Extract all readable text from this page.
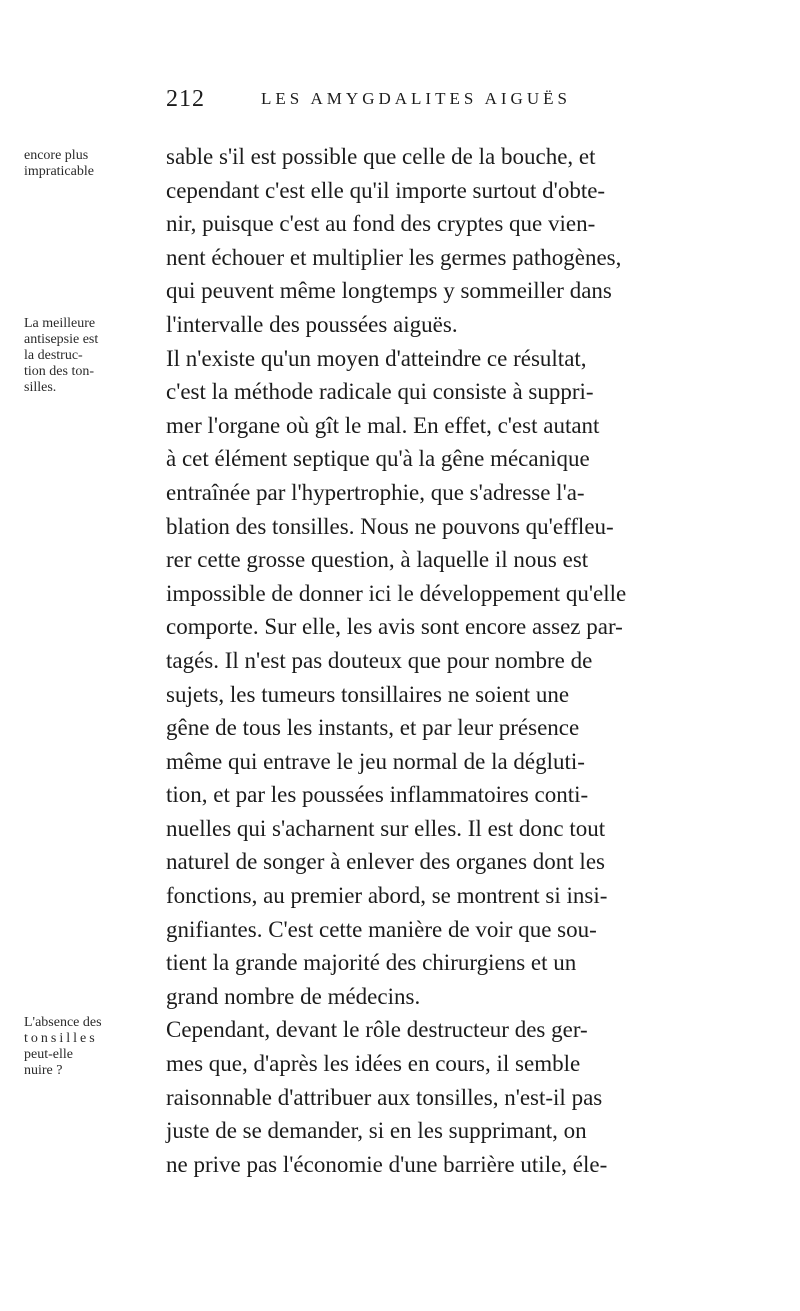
212	LES AMYGDALITES AIGUËS
encore plus
impraticable
La meilleure
antisepsie est
la destruc-
tion des ton-
silles.
L'absence des
tonsilles
peut-elle
nuire ?
sable s'il est possible que celle de la bouche, et
cependant c'est elle qu'il importe surtout d'obte-
nir, puisque c'est au fond des cryptes que vien-
nent échouer et multiplier les germes pathogènes,
qui peuvent même longtemps y sommeiller dans
l'intervalle des poussées aiguës.
Il n'existe qu'un moyen d'atteindre ce résultat,
c'est la méthode radicale qui consiste à suppri-
mer l'organe où gît le mal. En effet, c'est autant
à cet élément septique qu'à la gêne mécanique
entraînée par l'hypertrophie, que s'adresse l'a-
blation des tonsilles. Nous ne pouvons qu'effleu-
rer cette grosse question, à laquelle il nous est
impossible de donner ici le développement qu'elle
comporte. Sur elle, les avis sont encore assez par-
tagés. Il n'est pas douteux que pour nombre de
sujets, les tumeurs tonsillaires ne soient une
gêne de tous les instants, et par leur présence
même qui entrave le jeu normal de la dégluti-
tion, et par les poussées inflammatoires conti-
nuelles qui s'acharnent sur elles. Il est donc tout
naturel de songer à enlever des organes dont les
fonctions, au premier abord, se montrent si insi-
gnifiantes. C'est cette manière de voir que sou-
tient la grande majorité des chirurgiens et un
grand nombre de médecins.
Cependant, devant le rôle destructeur des ger-
mes que, d'après les idées en cours, il semble
raisonnable d'attribuer aux tonsilles, n'est-il pas
juste de se demander, si en les supprimant, on
ne prive pas l'économie d'une barrière utile, éle-
